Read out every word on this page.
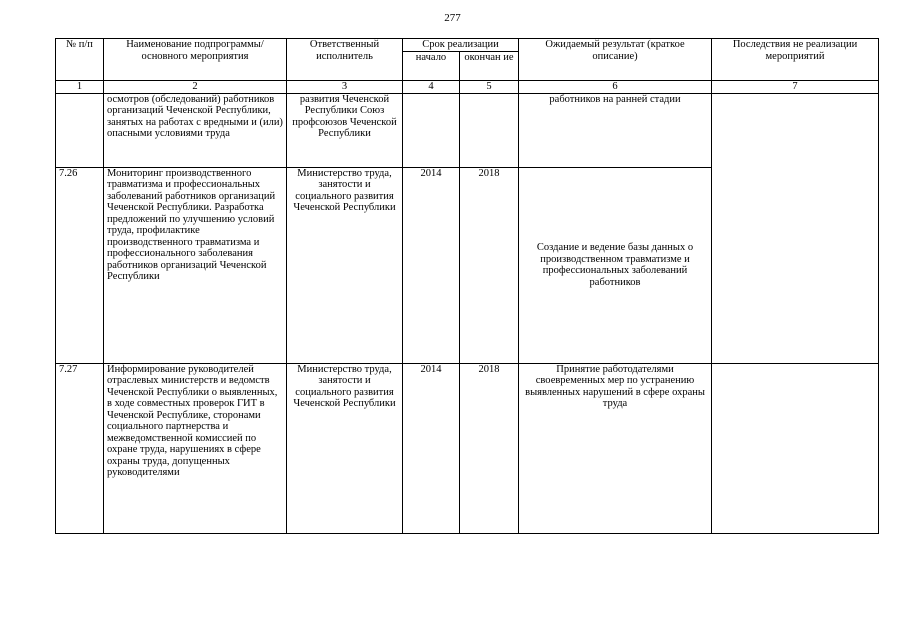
277
№ п/п	Наименование подпрограммы/ основного мероприятия	Ответственный исполнитель	Срок реализации		Ожидаемый результат (краткое описание)	Последствия не реализации мероприятий
			начало	окончан ие		
1	2	3	4	5	6	7
	осмотров (обследований) работников организаций Чеченской Республики, занятых на работах с вредными и (или) опасными условиями труда	развития Чеченской Республики Союз профсоюзов Чеченской Республики			работников на ранней стадии	
7.26	Мониторинг производственного травматизма и профессиональных заболеваний работников организаций Чеченской Республики. Разработка предложений по улучшению условий труда, профилактике производственного травматизма и профессионального заболевания работников организаций Чеченской Республики	Министерство труда, занятости и социального развития Чеченской Республики	2014	2018	Создание и ведение базы данных о производственном травматизме и профессиональных заболеваний работников	
7.27	Информирование руководителей отраслевых министерств и ведомств Чеченской Республики о выявленных, в ходе совместных проверок ГИТ в Чеченской Республике, сторонами социального партнерства и межведомственной комиссией по охране труда, нарушениях в сфере охраны труда, допущенных руководителями	Министерство труда, занятости и социального развития Чеченской Республики	2014	2018	Принятие работодателями своевременных мер по устранению выявленных нарушений в сфере охраны труда	
